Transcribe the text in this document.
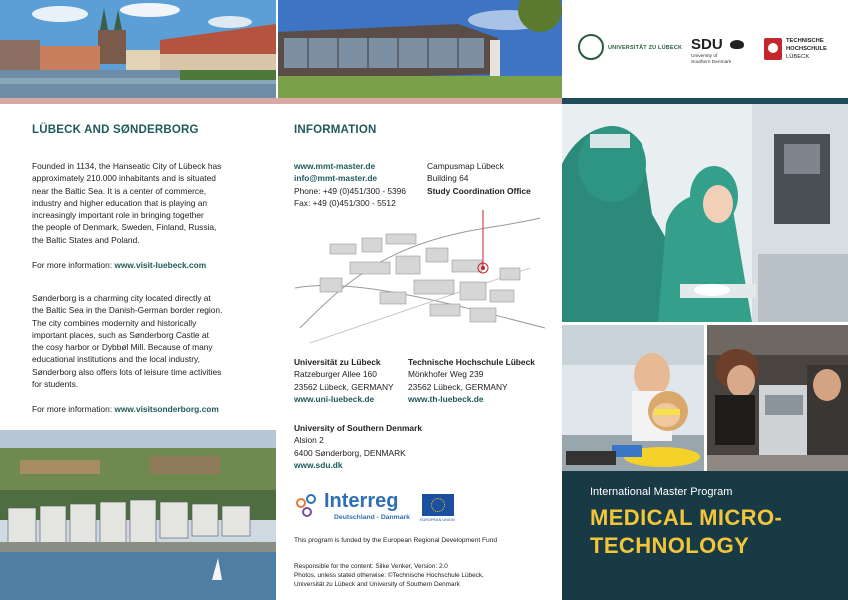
UNIVERSITÄT ZU LÜBECK SDU
University of
Southern Denmark
TECHNISCHE
HOCHSCHULE
LÜBECK
LÜBECK AND SØNDERBORG
Founded in 1134, the Hanseatic City of Lübeck has
approximately 210.000 inhabitants and is situated
near the Baltic Sea. It is a center of commerce,
industry and higher education that is playing an
increasingly important role in bringing together
the people of Denmark, Sweden, Finland, Russia,
the Baltic States and Poland.
For more information: www.visit-luebeck.com
Sønderborg is a charming city located directly at
the Baltic Sea in the Danish-German border region.
The city combines modernity and historically
important places, such as Sønderborg Castle at
the cosy harbor or Dybbøl Mill. Because of many
educational institutions and the local industry,
Sønderborg also offers lots of leisure time activities
for students.
For more information: www.visitsonderborg.com
INFORMATION
www.mmt-master.de
info@mmt-master.de
Phone: +49 (0)451/300 - 5396
Fax: +49 (0)451/300 - 5512
Campusmap Lübeck
Building 64
Study Coordination Office
Universität zu Lübeck
Ratzeburger Allee 160
23562 Lübeck, GERMANY
www.uni-luebeck.de
Technische Hochschule Lübeck
Mönkhofer Weg 239
23562 Lübeck, GERMANY
www.th-luebeck.de
University of Southern Denmark
Alsion 2
6400 Sønderborg, DENMARK
www.sdu.dk
Interreg
Deutschland - Danmark	EUROPEAN UNION
This program is funded by the European Regional Development Fund
Responsible for the content: Silke Venker, Version: 2.0
Photos, unless stated otherwise: ©Technische Hochschule Lübeck,
Universität zu Lübeck and University of Southern Denmark
International Master Program
MEDICAL MICRO-
TECHNOLOGY
